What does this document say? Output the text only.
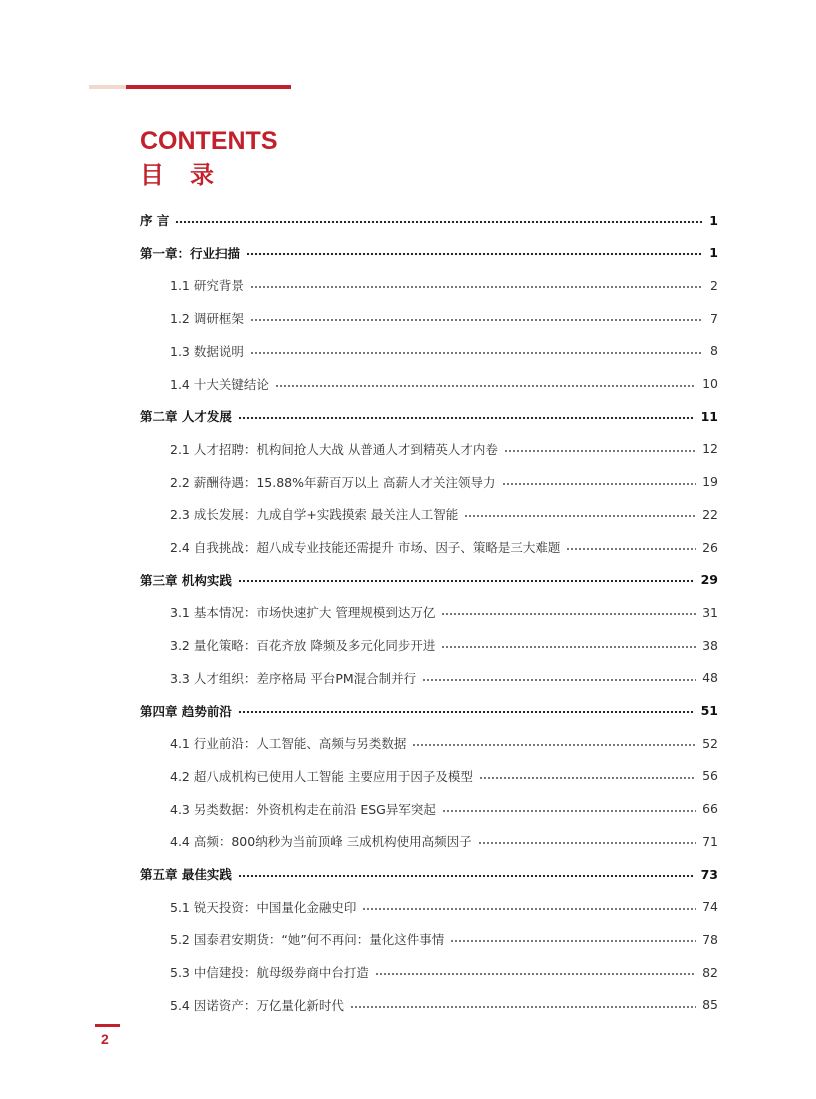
CONTENTS
目录
序 言	1
第一章：行业扫描	1
1.1 研究背景	2
1.2 调研框架	7
1.3 数据说明	8
1.4 十大关键结论	10
第二章 人才发展	11
2.1 人才招聘：机构间抢人大战 从普通人才到精英人才内卷	12
2.2 薪酬待遇：15.88%年薪百万以上 高薪人才关注领导力	19
2.3 成长发展：九成自学+实践摸索 最关注人工智能	22
2.4 自我挑战：超八成专业技能还需提升 市场、因子、策略是三大难题	26
第三章 机构实践	29
3.1 基本情况：市场快速扩大 管理规模到达万亿	31
3.2 量化策略：百花齐放 降频及多元化同步开进	38
3.3 人才组织：差序格局 平台PM混合制并行	48
第四章 趋势前沿	51
4.1 行业前沿：人工智能、高频与另类数据	52
4.2 超八成机构已使用人工智能 主要应用于因子及模型	56
4.3 另类数据：外资机构走在前沿 ESG异军突起	66
4.4 高频：800纳秒为当前顶峰 三成机构使用高频因子	71
第五章 最佳实践	73
5.1 锐天投资：中国量化金融史印	74
5.2 国泰君安期货：“她”何不再问：量化这件事情	78
5.3 中信建投：航母级券商中台打造	82
5.4 因诺资产：万亿量化新时代	85
2
